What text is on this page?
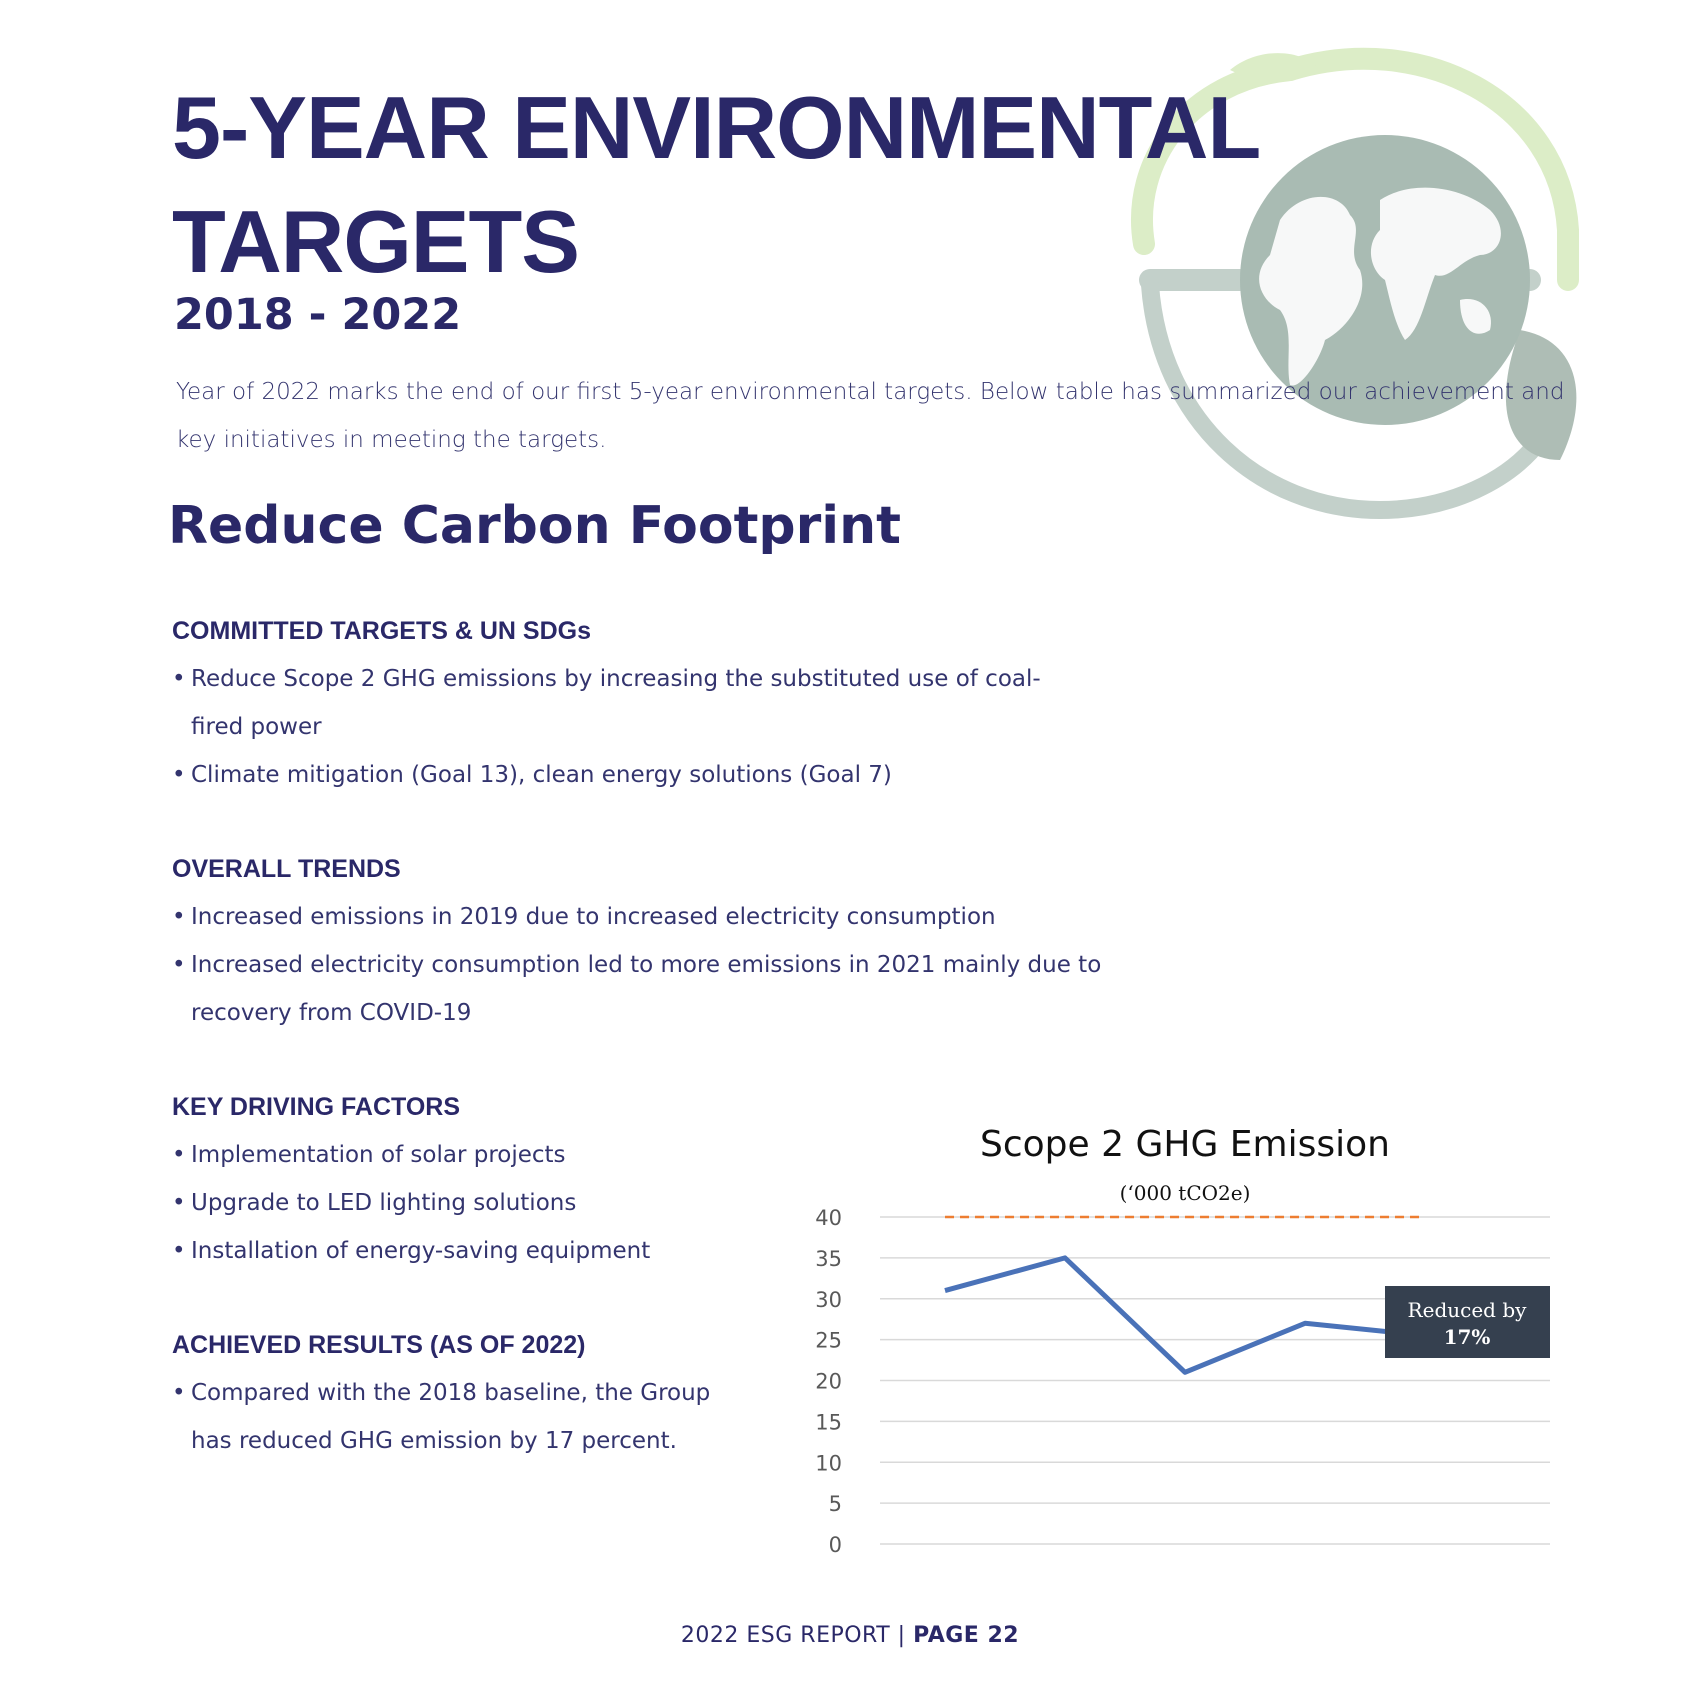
5-YEAR ENVIRONMENTAL
TARGETS
2018 - 2022

Year of 2022 marks the end of our first 5-year environmental targets. Below table has summarized our achievement and key initiatives in meeting the targets.

Reduce Carbon Footprint
COMMITTED TARGETS & UN SDGs
• Reduce Scope 2 GHG emissions by increasing the substituted use of coal-fired power
• Climate mitigation (Goal 13), clean energy solutions (Goal 7)
OVERALL TRENDS
• Increased emissions in 2019 due to increased electricity consumption
• Increased electricity consumption led to more emissions in 2021 mainly due to recovery from COVID-19
KEY DRIVING FACTORS
• Implementation of solar projects
• Upgrade to LED lighting solutions
• Installation of energy-saving equipment
ACHIEVED RESULTS (AS OF 2022)
• Compared with the 2018 baseline, the Group has reduced GHG emission by 17 percent.
Scope 2 GHG Emission
(‘000 tCO2e)
0
5
10
15
20
25
30
35
40
Reduced by
17%

2022 ESG REPORT | PAGE 22
